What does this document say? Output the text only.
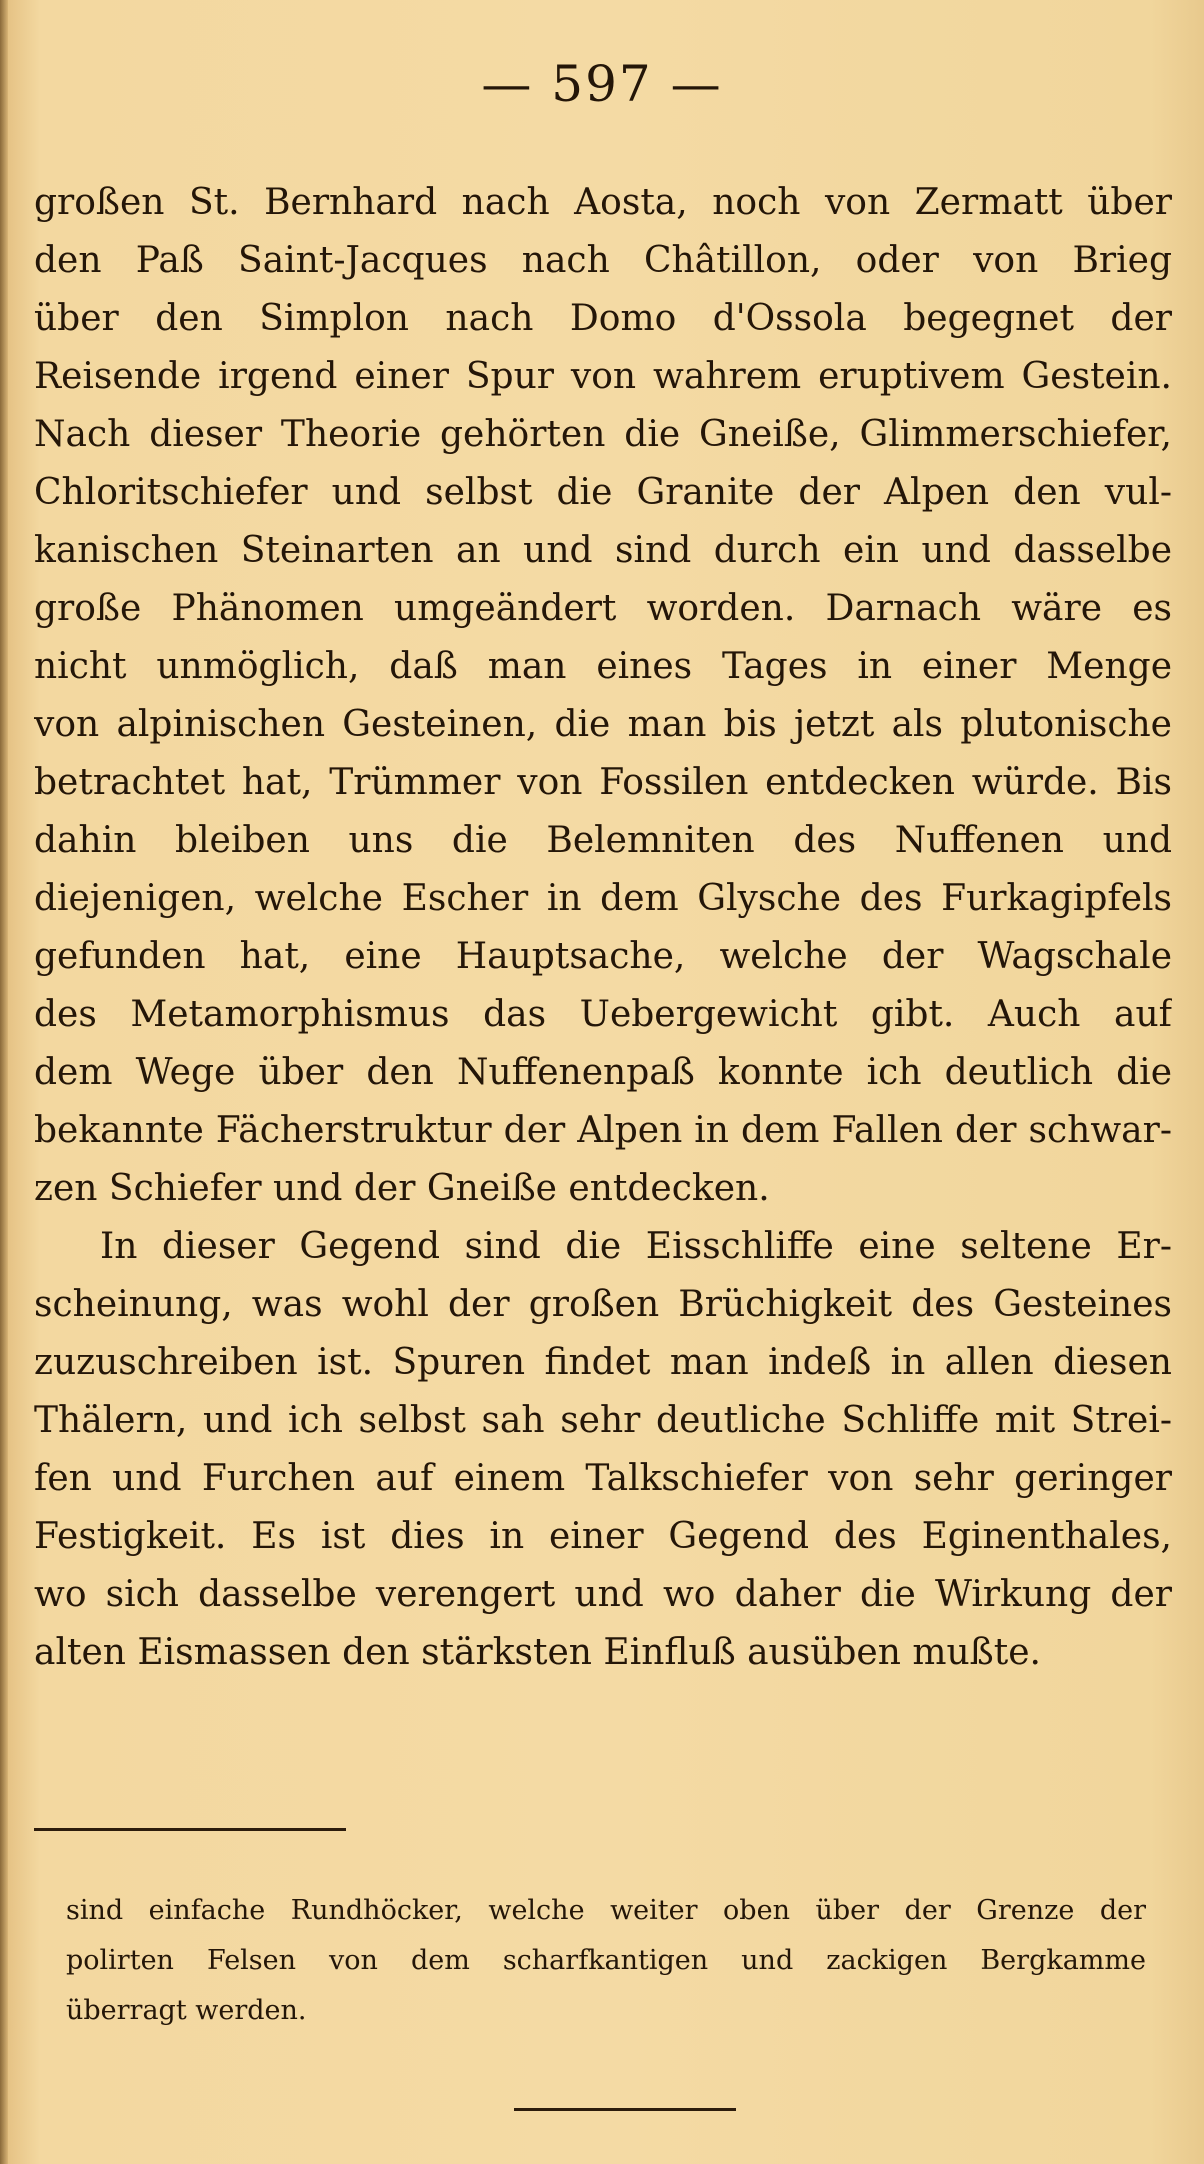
— 597 —
großen St. Bernhard nach Aosta, noch von Zermatt über
den Paß Saint-Jacques nach Châtillon, oder von Brieg
über den Simplon nach Domo d'Ossola begegnet der
Reisende irgend einer Spur von wahrem eruptivem Gestein.
Nach dieser Theorie gehörten die Gneiße, Glimmerschiefer,
Chloritschiefer und selbst die Granite der Alpen den vul-
kanischen Steinarten an und sind durch ein und dasselbe
große Phänomen umgeändert worden. Darnach wäre es
nicht unmöglich, daß man eines Tages in einer Menge
von alpinischen Gesteinen, die man bis jetzt als plutonische
betrachtet hat, Trümmer von Fossilen entdecken würde. Bis
dahin bleiben uns die Belemniten des Nuffenen und
diejenigen, welche Escher in dem Glysche des Furkagipfels
gefunden hat, eine Hauptsache, welche der Wagschale
des Metamorphismus das Uebergewicht gibt. Auch auf
dem Wege über den Nuffenenpaß konnte ich deutlich die
bekannte Fächerstruktur der Alpen in dem Fallen der schwar-
zen Schiefer und der Gneiße entdecken.
In dieser Gegend sind die Eisschliffe eine seltene Er-
scheinung, was wohl der großen Brüchigkeit des Gesteines
zuzuschreiben ist. Spuren findet man indeß in allen diesen
Thälern, und ich selbst sah sehr deutliche Schliffe mit Strei-
fen und Furchen auf einem Talkschiefer von sehr geringer
Festigkeit. Es ist dies in einer Gegend des Eginenthales,
wo sich dasselbe verengert und wo daher die Wirkung der
alten Eismassen den stärksten Einfluß ausüben mußte.
sind einfache Rundhöcker, welche weiter oben über der Grenze der
polirten Felsen von dem scharfkantigen und zackigen Bergkamme
überragt werden.
